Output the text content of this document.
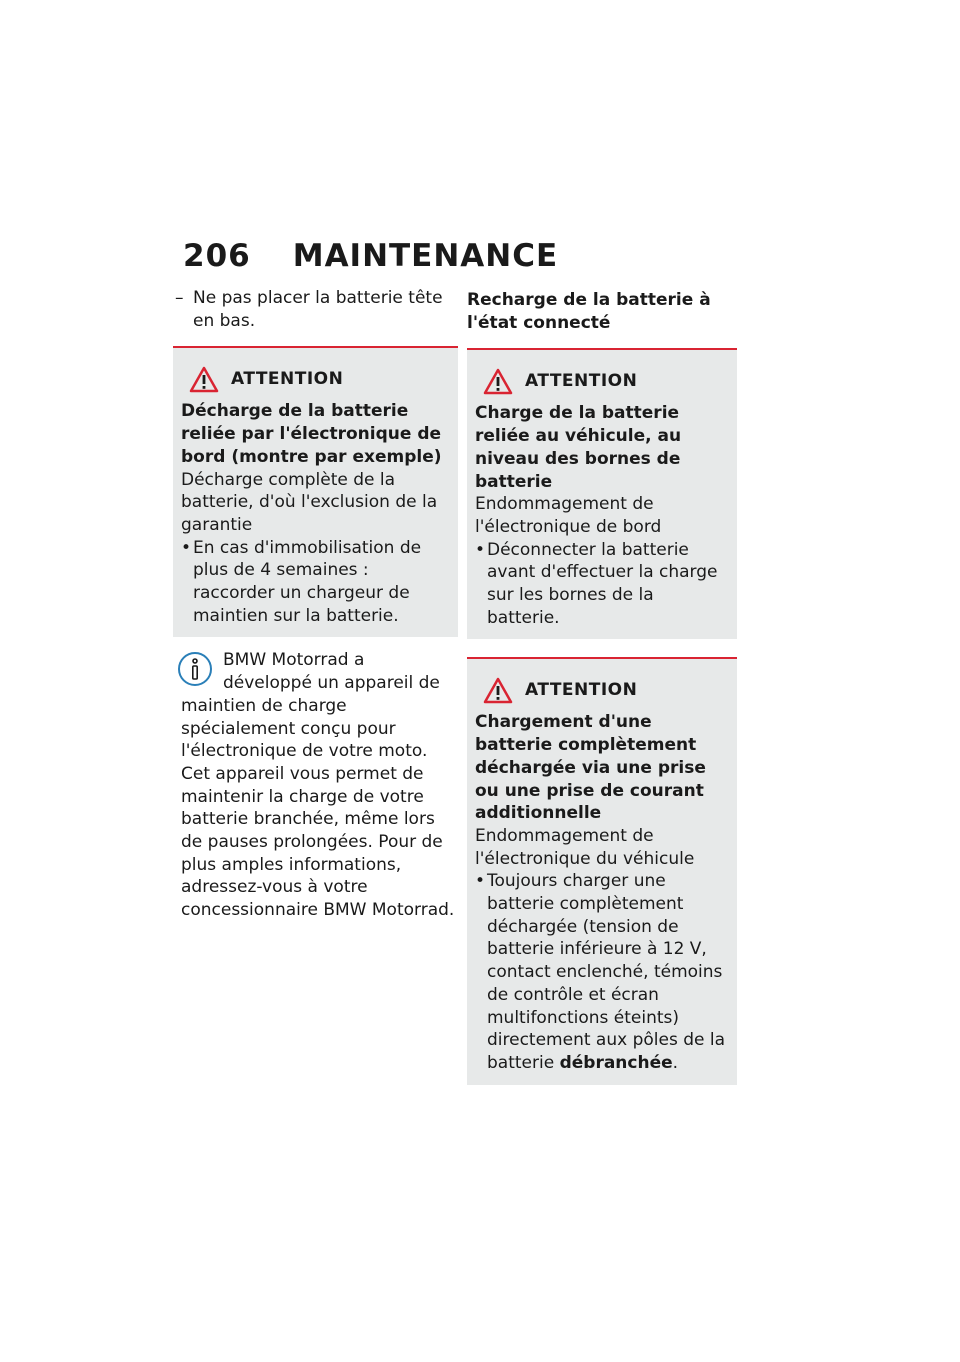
206 MAINTENANCE

– Ne pas placer la batterie tête en bas.

ATTENTION
Décharge de la batterie reliée par l'électronique de bord (montre par exemple)
Décharge complète de la batterie, d'où l'exclusion de la garantie
• En cas d'immobilisation de plus de 4 semaines : raccorder un chargeur de maintien sur la batterie.
BMW Motorrad a développé un appareil de maintien de charge spécialement conçu pour l'électronique de votre moto. Cet appareil vous permet de maintenir la charge de votre batterie branchée, même lors de pauses prolongées. Pour de plus amples informations, adressez-vous à votre concessionnaire BMW Motorrad.
Recharge de la batterie à l'état connecté
ATTENTION
Charge de la batterie reliée au véhicule, au niveau des bornes de batterie
Endommagement de l'électronique de bord
• Déconnecter la batterie avant d'effectuer la charge sur les bornes de la batterie.
ATTENTION
Chargement d'une batterie complètement déchargée via une prise ou une prise de courant additionnelle
Endommagement de l'électronique du véhicule
• Toujours charger une batterie complètement déchargée (tension de batterie inférieure à 12 V, contact enclenché, témoins de contrôle et écran multifonctions éteints) directement aux pôles de la batterie débranchée.
